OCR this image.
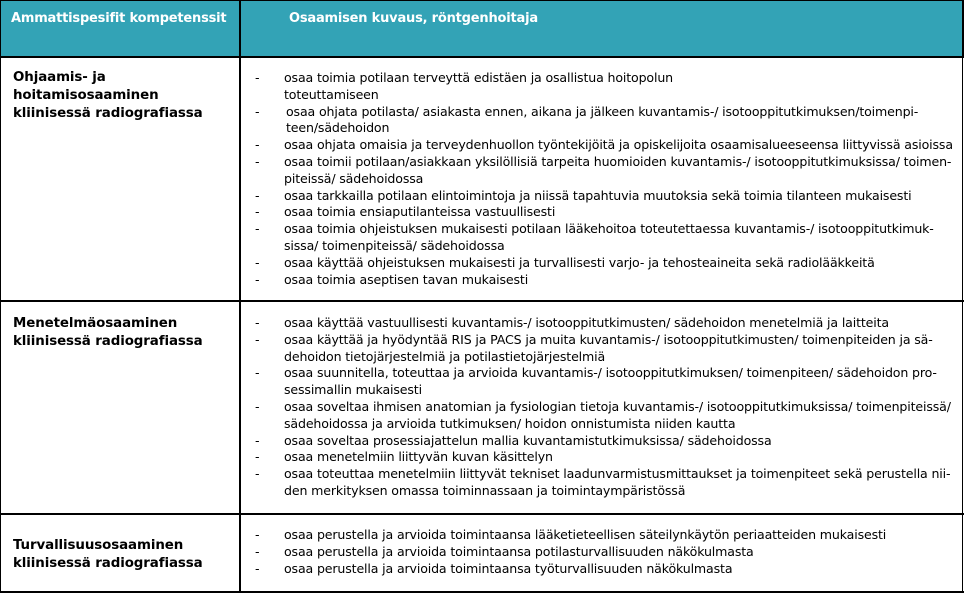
Ammattispesifit kompetenssit	Osaamisen kuvaus, röntgenhoitaja
Ohjaamis- ja
hoitamisosaaminen
kliinisessä radiografiassa
- osaa toimia potilaan terveyttä edistäen ja osallistua hoitopolun
toteuttamiseen
- osaa ohjata potilasta/ asiakasta ennen, aikana ja jälkeen kuvantamis-/ isotooppitutkimuksen/toimenpi-
teen/sädehoidon
- osaa ohjata omaisia ja terveydenhuollon työntekijöitä ja opiskelijoita osaamisalueeseensa liittyvissä asioissa
- osaa toimii potilaan/asiakkaan yksilöllisiä tarpeita huomioiden kuvantamis-/ isotooppitutkimuksissa/ toimen-
piteissä/ sädehoidossa
- osaa tarkkailla potilaan elintoimintoja ja niissä tapahtuvia muutoksia sekä toimia tilanteen mukaisesti
- osaa toimia ensiaputilanteissa vastuullisesti
- osaa toimia ohjeistuksen mukaisesti potilaan lääkehoitoa toteutettaessa kuvantamis-/ isotooppitutkimuk-
sissa/ toimenpiteissä/ sädehoidossa
- osaa käyttää ohjeistuksen mukaisesti ja turvallisesti varjo- ja tehosteaineita sekä radiolääkkeitä
- osaa toimia aseptisen tavan mukaisesti
Menetelmäosaaminen
kliinisessä radiografiassa
- osaa käyttää vastuullisesti kuvantamis-/ isotooppitutkimusten/ sädehoidon menetelmiä ja laitteita
- osaa käyttää ja hyödyntää RIS ja PACS ja muita kuvantamis-/ isotooppitutkimusten/ toimenpiteiden ja sä-
dehoidon tietojärjestelmiä ja potilastietojärjestelmiä
- osaa suunnitella, toteuttaa ja arvioida kuvantamis-/ isotooppitutkimuksen/ toimenpiteen/ sädehoidon pro-
sessimallin mukaisesti
- osaa soveltaa ihmisen anatomian ja fysiologian tietoja kuvantamis-/ isotooppitutkimuksissa/ toimenpiteissä/
sädehoidossa ja arvioida tutkimuksen/ hoidon onnistumista niiden kautta
- osaa soveltaa prosessiajattelun mallia kuvantamistutkimuksissa/ sädehoidossa
- osaa menetelmiin liittyvän kuvan käsittelyn
- osaa toteuttaa menetelmiin liittyvät tekniset laadunvarmistusmittaukset ja toimenpiteet sekä perustella nii-
den merkityksen omassa toiminnassaan ja toimintaympäristössä
Turvallisuusosaaminen
kliinisessä radiografiassa
- osaa perustella ja arvioida toimintaansa lääketieteellisen säteilynkäytön periaatteiden mukaisesti
- osaa perustella ja arvioida toimintaansa potilasturvallisuuden näkökulmasta
- osaa perustella ja arvioida toimintaansa työturvallisuuden näkökulmasta
